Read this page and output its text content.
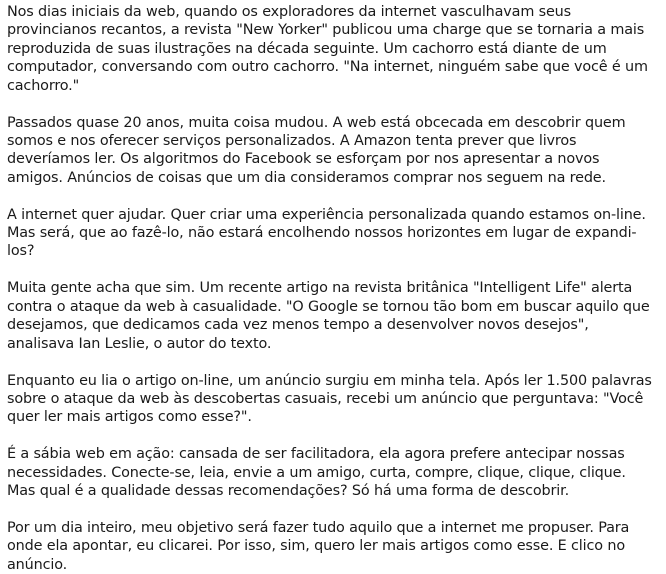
Nos dias iniciais da web, quando os exploradores da internet vasculhavam seus provincianos recantos, a revista "New Yorker" publicou uma charge que se tornaria a mais reproduzida de suas ilustrações na década seguinte. Um cachorro está diante de um computador, conversando com outro cachorro. "Na internet, ninguém sabe que você é um cachorro."

Passados quase 20 anos, muita coisa mudou. A web está obcecada em descobrir quem somos e nos oferecer serviços personalizados. A Amazon tenta prever que livros deveríamos ler. Os algoritmos do Facebook se esforçam por nos apresentar a novos amigos. Anúncios de coisas que um dia consideramos comprar nos seguem na rede.

A internet quer ajudar. Quer criar uma experiência personalizada quando estamos on-line. Mas será, que ao fazê-lo, não estará encolhendo nossos horizontes em lugar de expandi-los?

Muita gente acha que sim. Um recente artigo na revista britânica "Intelligent Life" alerta contra o ataque da web à casualidade. "O Google se tornou tão bom em buscar aquilo que desejamos, que dedicamos cada vez menos tempo a desenvolver novos desejos", analisava Ian Leslie, o autor do texto.

Enquanto eu lia o artigo on-line, um anúncio surgiu em minha tela. Após ler 1.500 palavras sobre o ataque da web às descobertas casuais, recebi um anúncio que perguntava: "Você quer ler mais artigos como esse?".

É a sábia web em ação: cansada de ser facilitadora, ela agora prefere antecipar nossas necessidades. Conecte-se, leia, envie a um amigo, curta, compre, clique, clique, clique. Mas qual é a qualidade dessas recomendações? Só há uma forma de descobrir.

Por um dia inteiro, meu objetivo será fazer tudo aquilo que a internet me propuser. Para onde ela apontar, eu clicarei. Por isso, sim, quero ler mais artigos como esse. E clico no anúncio.
